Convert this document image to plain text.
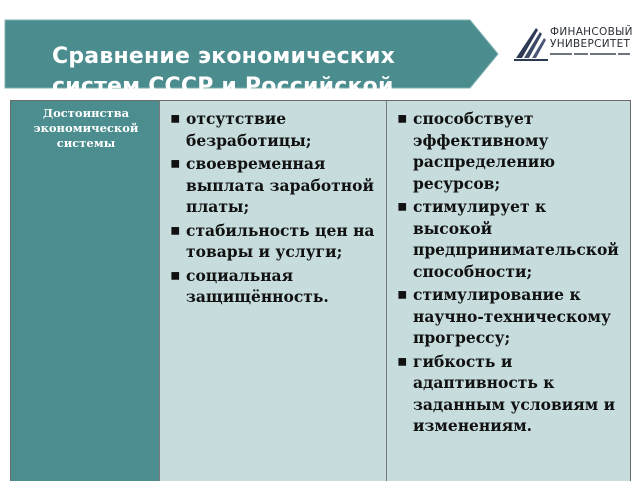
Сравнение экономических
систем СССР и Российской
ФИНАНСОВЫЙ
УНИВЕРСИТЕТ
Достоинства экономической системы
▪ отсутствие безработицы;
▪ своевременная выплата заработной платы;
▪ стабильность цен на товары и услуги;
▪ социальная защищённость.
▪ способствует эффективному распределению ресурсов;
▪ стимулирует к высокой предпринимательской способности;
▪ стимулирование к научно-техническому прогрессу;
▪ гибкость и адаптивность к заданным условиям и изменениям.
